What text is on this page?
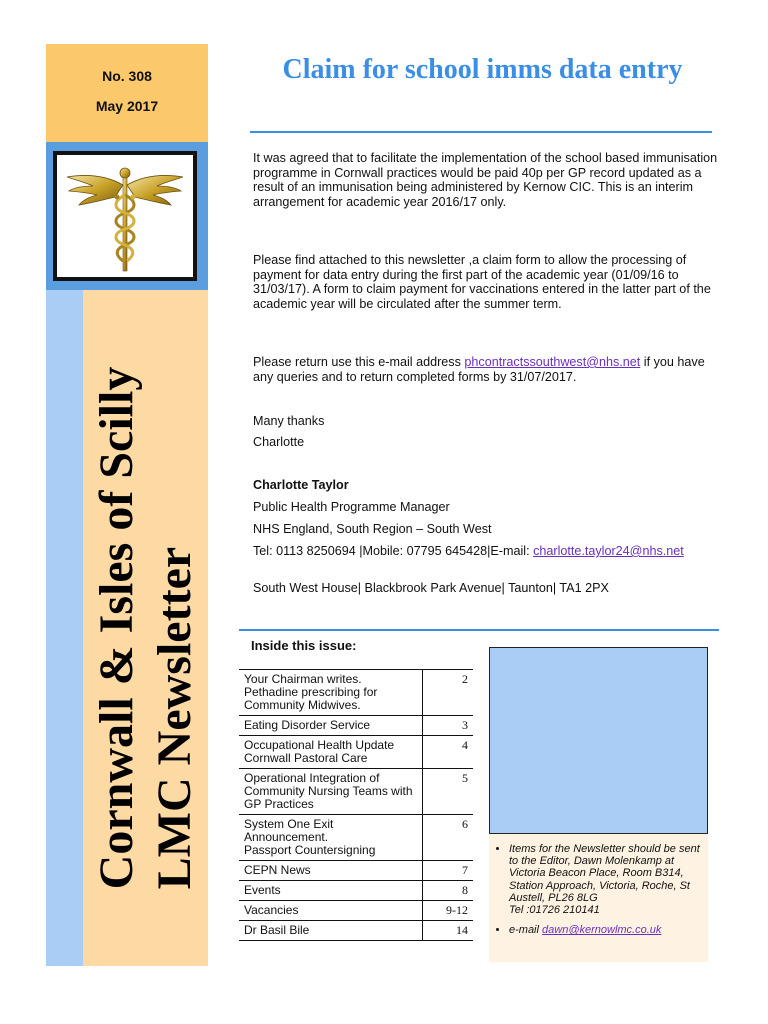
No. 308
May 2017
Cornwall & Isles of Scilly LMC Newsletter
Claim for school imms data entry

It was agreed that to facilitate the implementation of the school based immunisation programme in Cornwall practices would be paid 40p per GP record updated as a result of an immunisation being administered by Kernow CIC. This is an interim arrangement for academic year 2016/17 only.

Please find attached to this newsletter ,a claim form to allow the processing of payment for data entry during the first part of the academic year (01/09/16 to 31/03/17). A form to claim payment for vaccinations entered in the latter part of the academic year will be circulated after the summer term.

Please return use this e-mail address phcontractssouthwest@nhs.net if you have any queries and to return completed forms by 31/07/2017.

Many thanks
Charlotte
Charlotte Taylor
Public Health Programme Manager
NHS England, South Region – South West
Tel: 0113 8250694 |Mobile: 07795 645428|E-mail: charlotte.taylor24@nhs.net
South West House| Blackbrook Park Avenue| Taunton| TA1 2PX
Inside this issue:
Your Chairman writes.
Pethadine prescribing for Community Midwives.	2
Eating Disorder Service	3
Occupational Health Update
Cornwall Pastoral Care	4
Operational Integration of Community Nursing Teams with GP Practices	5
System One Exit Announcement.
Passport Countersigning	6
CEPN News	7
Events	8
Vacancies	9-12
Dr Basil Bile	14
• Items for the Newsletter should be sent to the Editor, Dawn Molenkamp at Victoria Beacon Place, Room B314, Station Approach, Victoria, Roche, St Austell, PL26 8LG
Tel :01726 210141
• e-mail dawn@kernowlmc.co.uk
